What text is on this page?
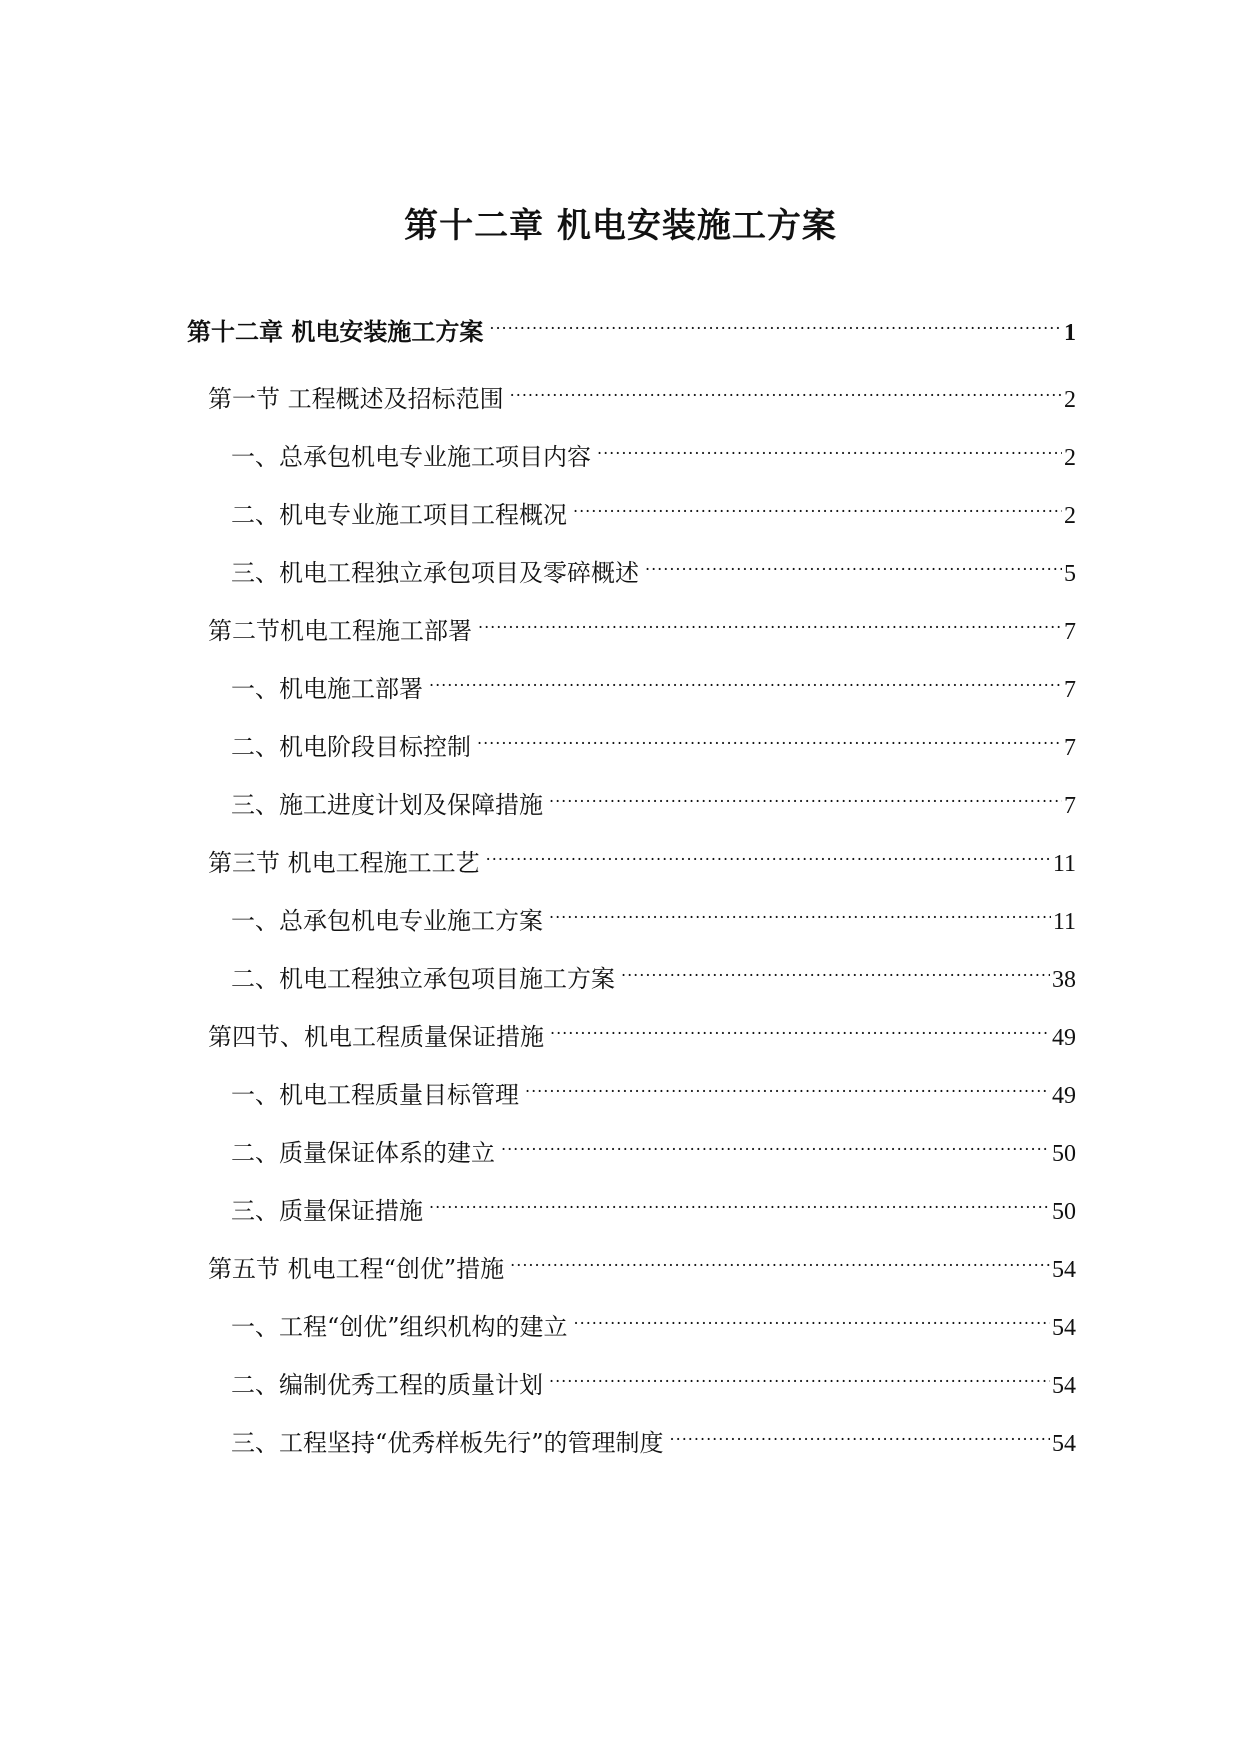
第十二章 机电安装施工方案
第十二章 机电安装施工方案 .....	1
第一节 工程概述及招标范围 .....	2
一、总承包机电专业施工项目内容 .....	2
二、机电专业施工项目工程概况 .....	2
三、机电工程独立承包项目及零碎概述 .....	5
第二节机电工程施工部署 .....	7
一、机电施工部署 .....	7
二、机电阶段目标控制 .....	7
三、施工进度计划及保障措施 .....	7
第三节 机电工程施工工艺 .....	11
一、总承包机电专业施工方案 .....	11
二、机电工程独立承包项目施工方案 .....	38
第四节、机电工程质量保证措施 .....	49
一、机电工程质量目标管理 .....	49
二、质量保证体系的建立 .....	50
三、质量保证措施 .....	50
第五节 机电工程“创优”措施 .....	54
一、工程“创优”组织机构的建立 .....	54
二、编制优秀工程的质量计划 .....	54
三、工程坚持“优秀样板先行”的管理制度 .....	54
